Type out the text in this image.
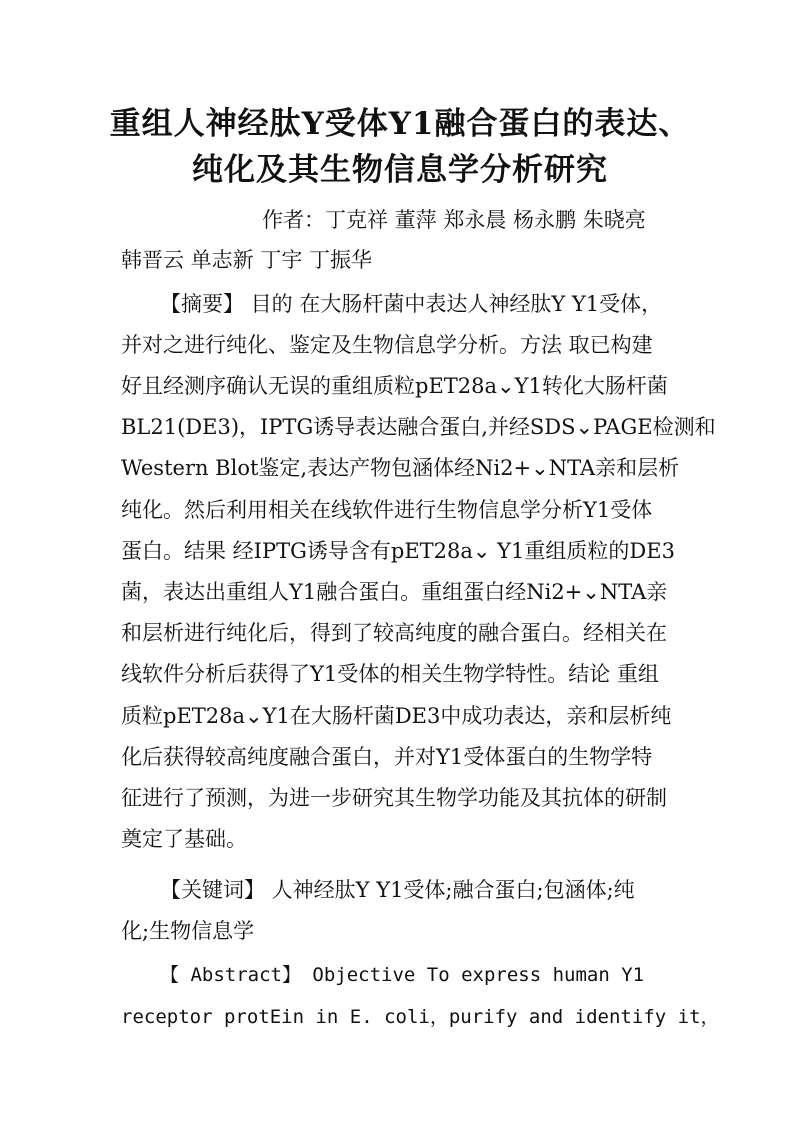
重组人神经肽Y受体Y1融合蛋白的表达、
纯化及其生物信息学分析研究
作者：丁克祥 董萍 郑永晨 杨永鹏 朱晓亮
韩晋云 单志新 丁宇 丁振华
【摘要】 目的 在大肠杆菌中表达人神经肽Y Y1受体，
并对之进行纯化、鉴定及生物信息学分析。方法 取已构建
好且经测序确认无误的重组质粒pET28a⌄Y1转化大肠杆菌
BL21(DE3)，IPTG诱导表达融合蛋白,并经SDS⌄PAGE检测和
Western Blot鉴定,表达产物包涵体经Ni2+⌄NTA亲和层析
纯化。然后利用相关在线软件进行生物信息学分析Y1受体
蛋白。结果 经IPTG诱导含有pET28a⌄ Y1重组质粒的DE3
菌，表达出重组人Y1融合蛋白。重组蛋白经Ni2+⌄NTA亲
和层析进行纯化后，得到了较高纯度的融合蛋白。经相关在
线软件分析后获得了Y1受体的相关生物学特性。结论 重组
质粒pET28a⌄Y1在大肠杆菌DE3中成功表达，亲和层析纯
化后获得较高纯度融合蛋白，并对Y1受体蛋白的生物学特
征进行了预测，为进一步研究其生物学功能及其抗体的研制
奠定了基础。
【关键词】 人神经肽Y Y1受体;融合蛋白;包涵体;纯
化;生物信息学
【 Abstract】 Objective To express human Y1
receptor protEin in E. coli，purify and identify it，
